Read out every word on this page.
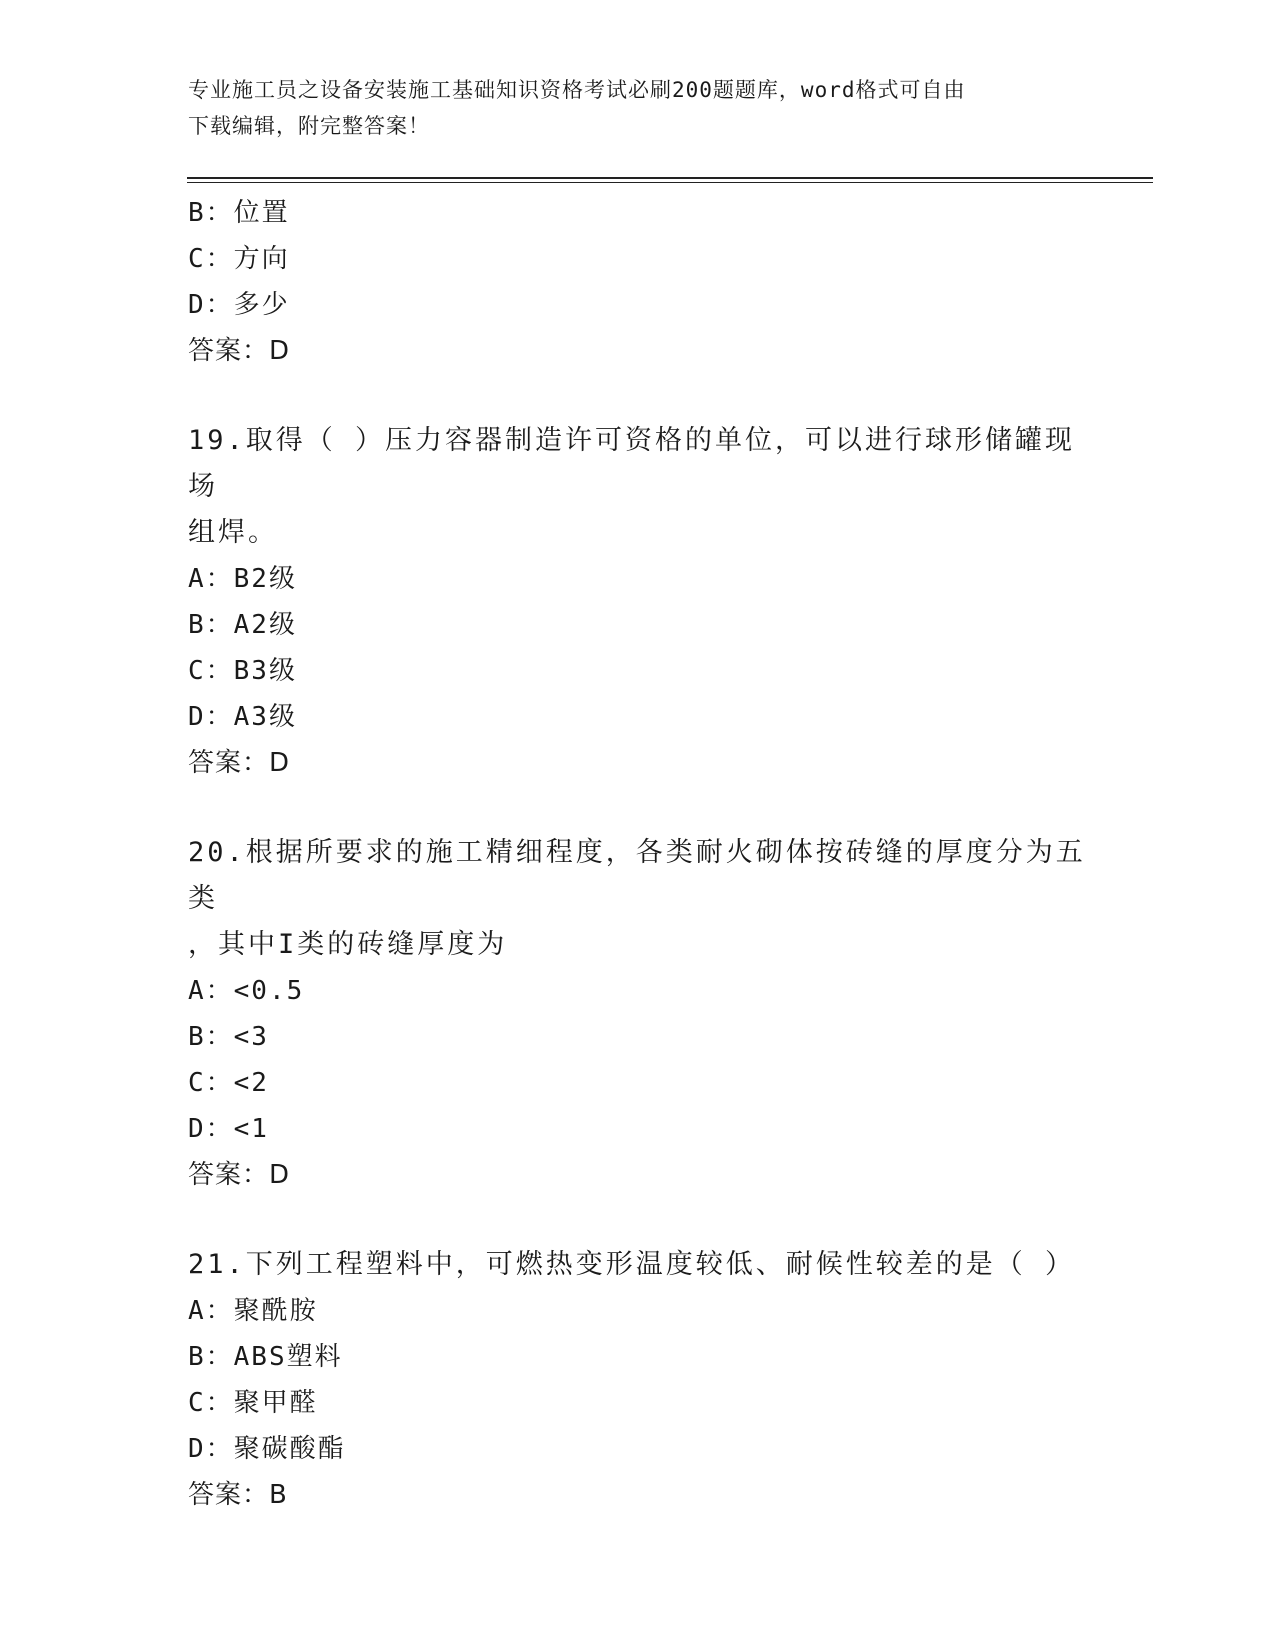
专业施工员之设备安装施工基础知识资格考试必刷200题题库，word格式可自由
下载编辑，附完整答案！
B：位置
C：方向
D：多少
答案：D
19.取得（ ）压力容器制造许可资格的单位，可以进行球形储罐现场
组焊。
A：B2级
B：A2级
C：B3级
D：A3级
答案：D
20.根据所要求的施工精细程度，各类耐火砌体按砖缝的厚度分为五类
，其中I类的砖缝厚度为
A：<0.5
B：<3
C：<2
D：<1
答案：D
21.下列工程塑料中，可燃热变形温度较低、耐候性较差的是（ ）
A：聚酰胺
B：ABS塑料
C：聚甲醛
D：聚碳酸酯
答案：B
